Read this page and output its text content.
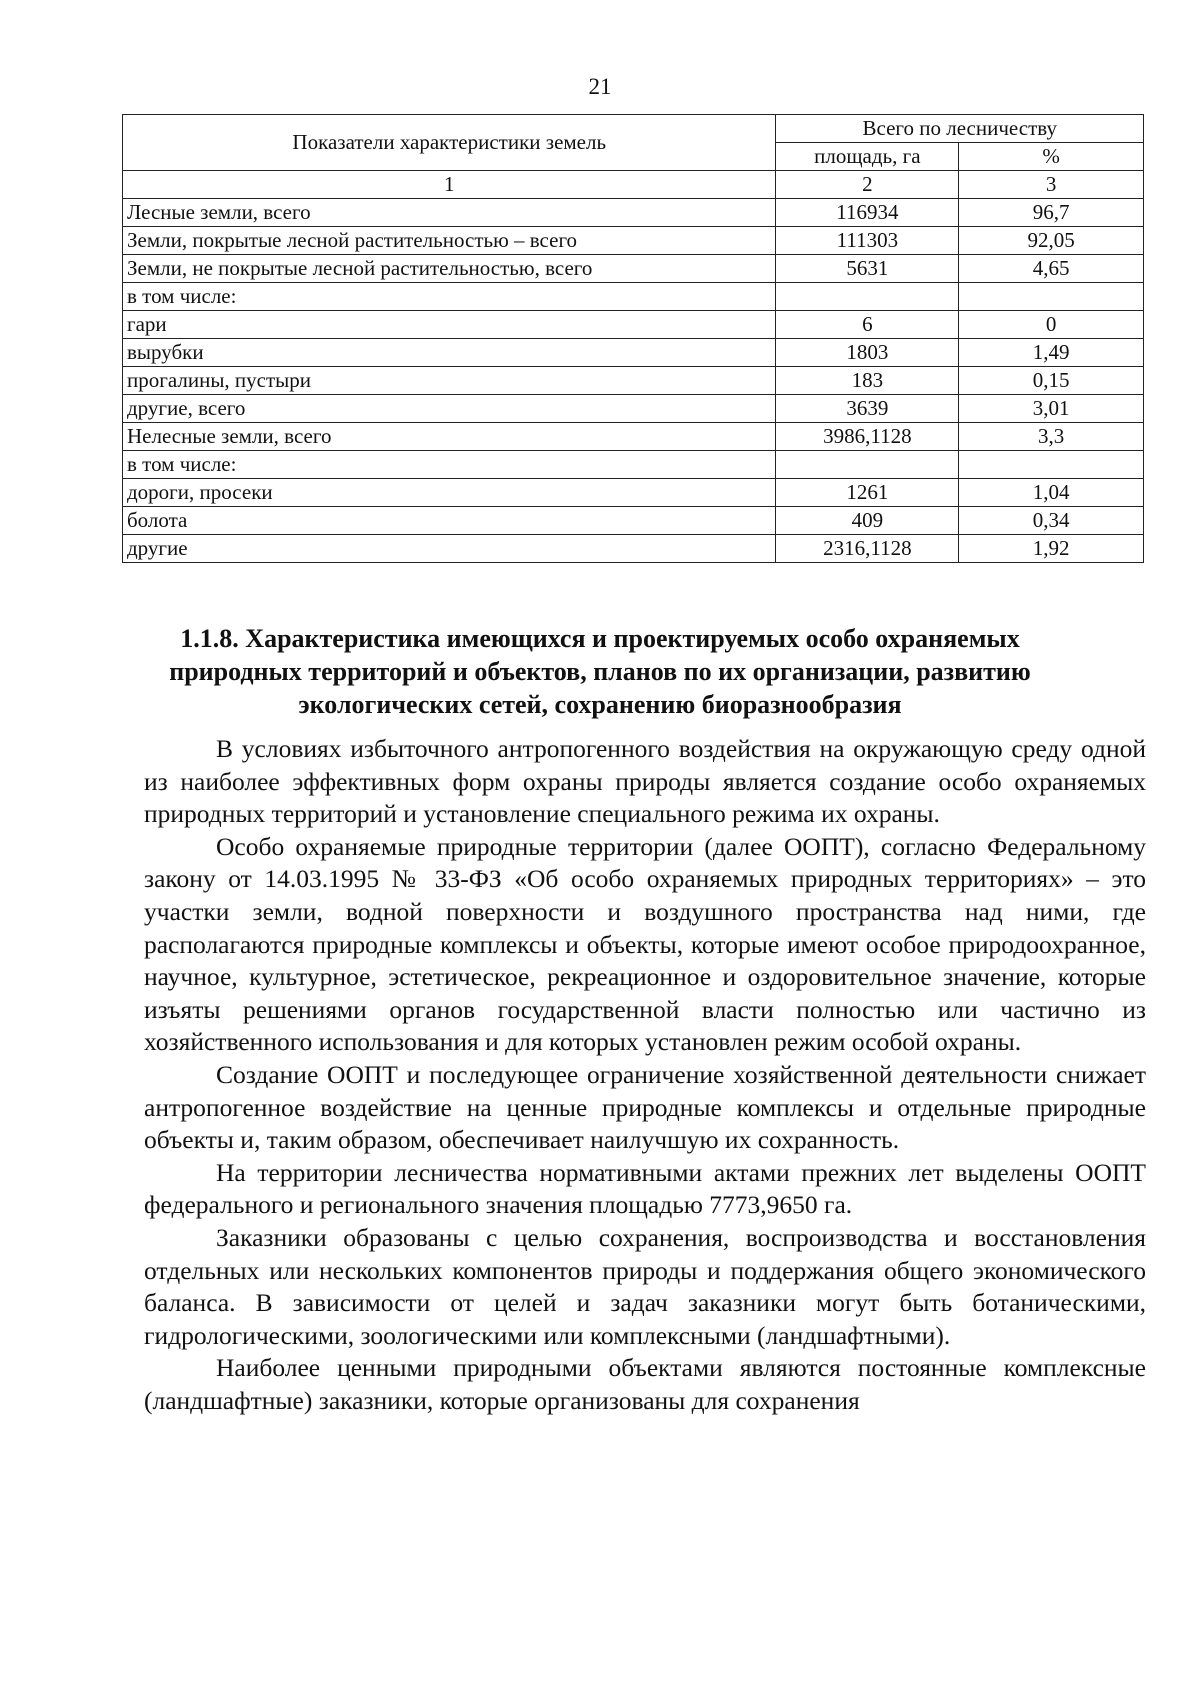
21
Показатели характеристики земель	Всего по лесничеству	
	площадь, га	%
1	2	3
Лесные земли, всего	116934	96,7
Земли, покрытые лесной растительностью – всего	111303	92,05
Земли, не покрытые лесной растительностью, всего	5631	4,65
в том числе:		
гари	6	0
вырубки	1803	1,49
прогалины, пустыри	183	0,15
другие, всего	3639	3,01
Нелесные земли, всего	3986,1128	3,3
в том числе:		
дороги, просеки	1261	1,04
болота	409	0,34
другие	2316,1128	1,92
1.1.8. Характеристика имеющихся и проектируемых особо охраняемых природных территорий и объектов, планов по их организации, развитию экологических сетей, сохранению биоразнообразия

В условиях избыточного антропогенного воздействия на окружающую среду одной из наиболее эффективных форм охраны природы является создание особо охраняемых природных территорий и установление специального режима их охраны.

Особо охраняемые природные территории (далее ООПТ), согласно Федеральному закону от 14.03.1995 № 33-ФЗ «Об особо охраняемых природных территориях» – это участки земли, водной поверхности и воздушного пространства над ними, где располагаются природные комплексы и объекты, которые имеют особое природоохранное, научное, культурное, эстетическое, рекреационное и оздоровительное значение, которые изъяты решениями органов государственной власти полностью или частично из хозяйственного использования и для которых установлен режим особой охраны.

Создание ООПТ и последующее ограничение хозяйственной деятельности снижает антропогенное воздействие на ценные природные комплексы и отдельные природные объекты и, таким образом, обеспечивает наилучшую их сохранность.

На территории лесничества нормативными актами прежних лет выделены ООПТ федерального и регионального значения площадью 7773,9650 га.

Заказники образованы с целью сохранения, воспроизводства и восстановления отдельных или нескольких компонентов природы и поддержания общего экономического баланса. В зависимости от целей и задач заказники могут быть ботаническими, гидрологическими, зоологическими или комплексными (ландшафтными).

Наиболее ценными природными объектами являются постоянные комплексные (ландшафтные) заказники, которые организованы для сохранения
